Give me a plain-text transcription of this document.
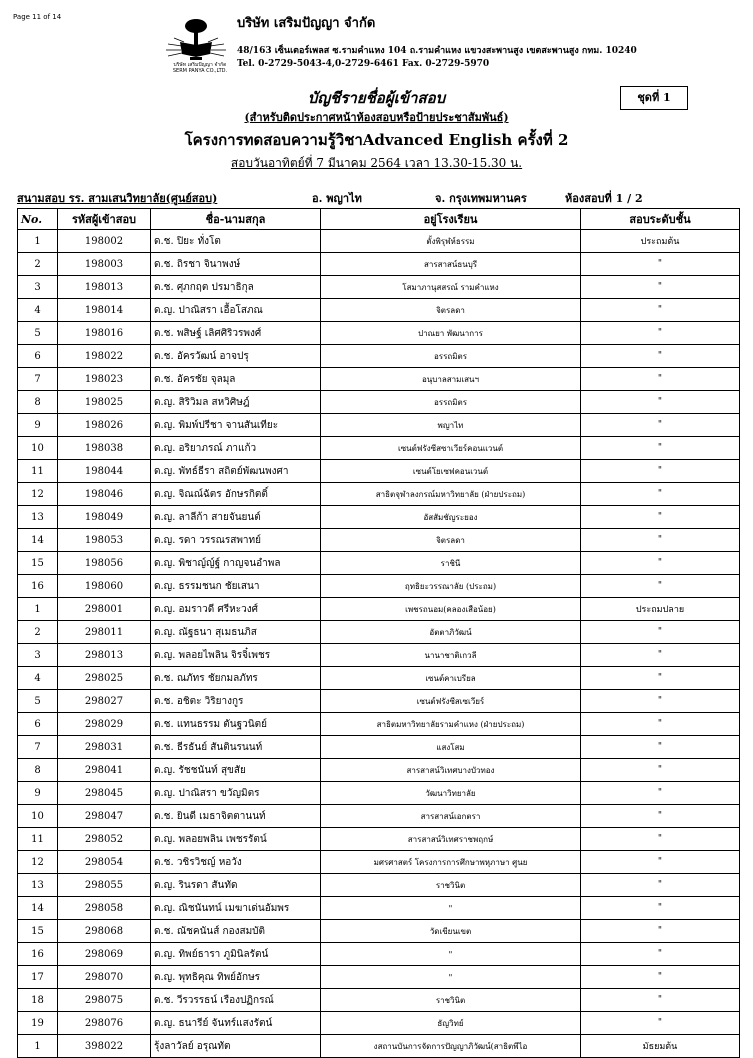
Page 11 of 14
บริษัท เสริมปัญญา จำกัด
SERM PANYA CO.,LTD.
บริษัท เสริมปัญญา จำกัด
48/163 เซ็นเตอร์เพลส ซ.รามคำแหง 104 ถ.รามคำแหง แขวงสะพานสูง เขตสะพานสูง กทม. 10240
Tel. 0-2729-5043-4,0-2729-6461 Fax. 0-2729-5970
บัญชีรายชื่อผู้เข้าสอบ	ชุดที่ 1
(สำหรับติดประกาศหน้าห้องสอบหรือป้ายประชาสัมพันธ์)
โครงการทดสอบความรู้วิชาAdvanced English ครั้งที่ 2
สอบวันอาทิตย์ที่ 7 มีนาคม 2564 เวลา 13.30-15.30 น.
สนามสอบ รร. สามเสนวิทยาลัย(ศูนย์สอบ)	อ. พญาไท	จ. กรุงเทพมหานคร	ห้องสอบที่ 1 / 2
No.	รหัสผู้เข้าสอบ	ชื่อ-นามสกุล	อยู่โรงเรียน	สอบระดับชั้น
1	198002	ด.ช. ปิยะ ทั่งโต	ตั้งพิรุฬห์ธรรม	ประถมต้น
2	198003	ด.ช. ถิรชา จินาพงษ์	สารสาสน์ธนบุรี	"
3	198013	ด.ช. ศุภกฤต ปรมาธิกุล	โสมาภานุสสรณ์ รามคำแหง	"
4	198014	ด.ญ. ปาณิสรา เอื้อโสภณ	จิตรลดา	"
5	198016	ด.ช. พสิษฐ์ เลิศศิริวรพงศ์	ปาณยา พัฒนาการ	"
6	198022	ด.ช. อัครวัฒน์ อาจปรุ	อรรถมิตร	"
7	198023	ด.ช. อัครชัย จุลมุล	อนุบาลสามเสนฯ	"
8	198025	ด.ญ. สิริวิมล สหวิศิษฎ์	อรรถมิตร	"
9	198026	ด.ญ. พิมพ์ปรีชา จานสันเทียะ	พญาไท	"
10	198038	ด.ญ. อริยาภรณ์ ภาแก้ว	เซนต์ฟรังซีสซาเวียร์คอนแวนต์	"
11	198044	ด.ญ. พัทธ์ธีรา สถิตย์พัฒนพงศา	เซนต์โยเซฟคอนเวนต์	"
12	198046	ด.ญ. จิณณ์ฉัตร อักษรกิตติ์	สาธิตจุฬาลงกรณ์มหาวิทยาลัย (ฝ่ายประถม)	"
13	198049	ด.ญ. ลาลีก้า สายจันยนต์	อัสสัมชัญระยอง	"
14	198053	ด.ญ. รดา วรรณรสพาทย์	จิตรลดา	"
15	198056	ด.ญ. พิชาญ์ญ์ฐ์ กาญจนอำพล	ราชินี	"
16	198060	ด.ญ. ธรรมชนก ชัยเสนา	ฤทธิยะวรรณาลัย (ประถม)	"
1	298001	ด.ญ. อมราวดี ศรีหะวงศ์	เพชรถนอม(คลองเสือน้อย)	ประถมปลาย
2	298011	ด.ญ. ณัฐธนา สุเมธนภิส	อัตตาภิวัฒน์	"
3	298013	ด.ญ. พลอยไพลิน จิรจิ๋เพชร	นานาชาติเกวลี	"
4	298025	ด.ช. ณภัทร ชัยกมลภัทร	เซนต์คาเบรียล	"
5	298027	ด.ช. อชิตะ วิริยางกูร	เซนต์ฟรังซีสเซเวียร์	"
6	298029	ด.ช. แทนธรรม ตันฐวนิตย์	สาธิตมหาวิทยาลัยรามคำแหง (ฝ่ายประถม)	"
7	298031	ด.ช. ธีรธันย์ สันตินรนนท์	แสงโสม	"
8	298041	ด.ญ. รัชชนันท์ สุขสัย	สารสาสน์วิเทศบางบัวทอง	"
9	298045	ด.ญ. ปาณิสรา ขวัญมิตร	วัฒนาวิทยาลัย	"
10	298047	ด.ช. ยินดี เมธาจิตตานนท์	สารสาสน์เอกตรา	"
11	298052	ด.ญ. พลอยพลิน เพชรรัตน์	สารสาสน์วิเทศราชพฤกษ์	"
12	298054	ด.ช. วชิรวิชญ์ หอวัง	มศรศาสตร์ โครงการการศึกษาพหุภาษา ศูนย	"
13	298055	ด.ญ. รินรดา สันทัด	ราชวินิต	"
14	298058	ด.ญ. ณิชนันทน์ เมฆาเด่นอัมพร	"	"
15	298068	ด.ช. ณัชคนันส์ กองสมบัติ	วัดเขียนเขต	"
16	298069	ด.ญ. ทิพย์ธารา ภูมินิลรัตน์	"	"
17	298070	ด.ญ. พุทธิคุณ ทิพย์อักษร	"	"
18	298075	ด.ช. วีรวรรธน์ เรืองปฏิกรณ์	ราชวินิต	"
19	298076	ด.ญ. ธนารีย์ จันทร์แสงรัตน์	ธัญวิทย์	"
1	398022	รุ้งลาวัลย์ อรุณทัต	งสถานบันการจัดการปัญญาภิวัฒน์(สาธิตพีไอ	มัธยมต้น
